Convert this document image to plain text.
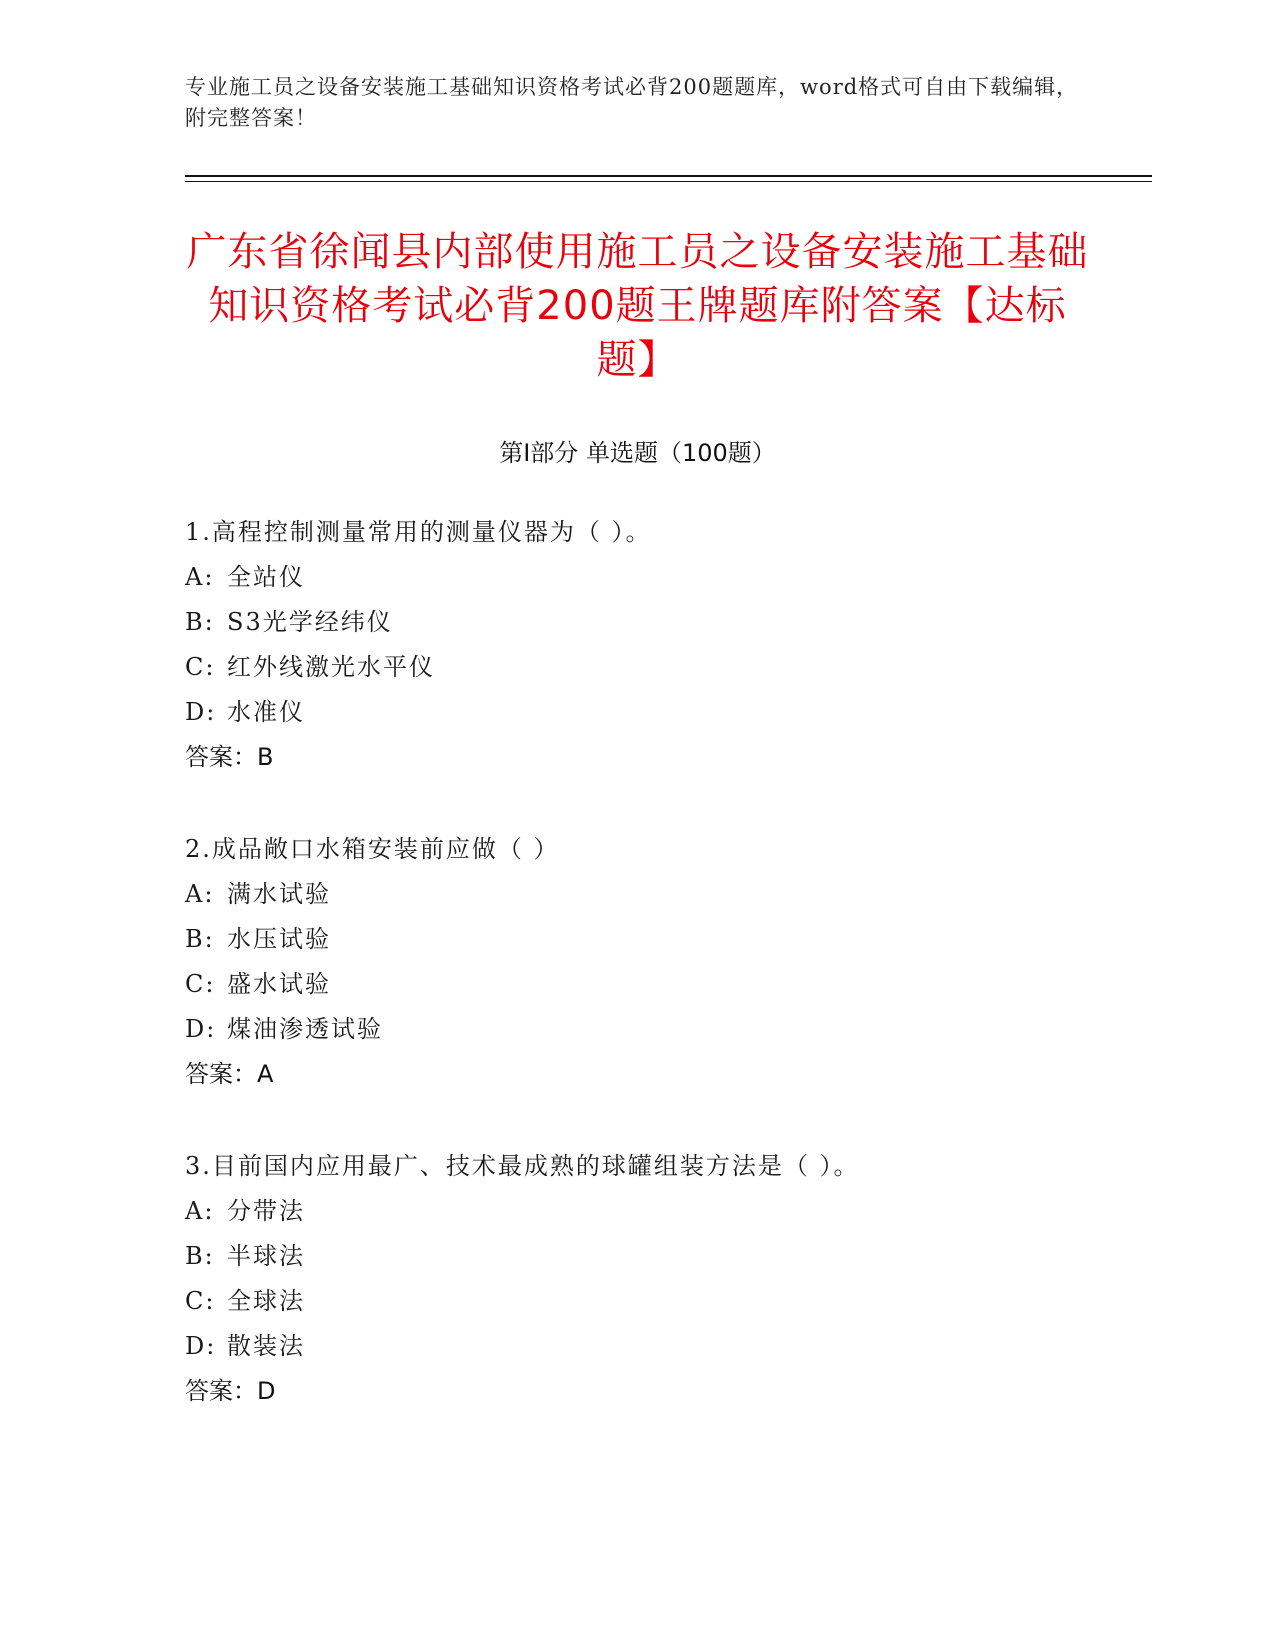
专业施工员之设备安装施工基础知识资格考试必背200题题库，word格式可自由下载编辑，附完整答案！
广东省徐闻县内部使用施工员之设备安装施工基础知识资格考试必背200题王牌题库附答案【达标题】
第I部分 单选题（100题）
1.高程控制测量常用的测量仪器为（ ）。
A: 全站仪
B: S3光学经纬仪
C: 红外线激光水平仪
D: 水准仪
答案：B
2.成品敞口水箱安装前应做（ ）
A: 满水试验
B: 水压试验
C: 盛水试验
D: 煤油渗透试验
答案：A
3.目前国内应用最广、技术最成熟的球罐组装方法是（ ）。
A: 分带法
B: 半球法
C: 全球法
D: 散装法
答案：D
